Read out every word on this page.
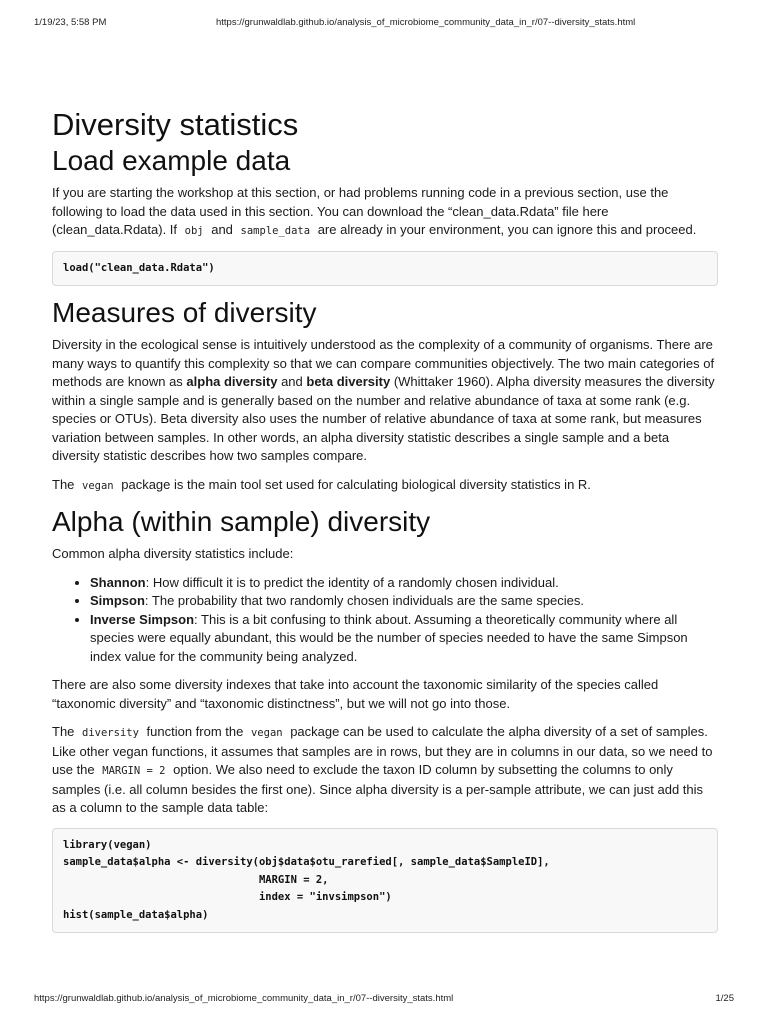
1/19/23, 5:58 PM	https://grunwaldlab.github.io/analysis_of_microbiome_community_data_in_r/07--diversity_stats.html
Diversity statistics
Load example data

If you are starting the workshop at this section, or had problems running code in a previous section, use the following to load the data used in this section. You can download the “clean_data.Rdata” file here (clean_data.Rdata). If obj and sample_data are already in your environment, you can ignore this and proceed.

load("clean_data.Rdata")
Measures of diversity

Diversity in the ecological sense is intuitively understood as the complexity of a community of organisms. There are many ways to quantify this complexity so that we can compare communities objectively. The two main categories of methods are known as alpha diversity and beta diversity (Whittaker 1960). Alpha diversity measures the diversity within a single sample and is generally based on the number and relative abundance of taxa at some rank (e.g. species or OTUs). Beta diversity also uses the number of relative abundance of taxa at some rank, but measures variation between samples. In other words, an alpha diversity statistic describes a single sample and a beta diversity statistic describes how two samples compare.

The vegan package is the main tool set used for calculating biological diversity statistics in R.

Alpha (within sample) diversity

Common alpha diversity statistics include:

• Shannon: How difficult it is to predict the identity of a randomly chosen individual.
• Simpson: The probability that two randomly chosen individuals are the same species.
• Inverse Simpson: This is a bit confusing to think about. Assuming a theoretically community where all species were equally abundant, this would be the number of species needed to have the same Simpson index value for the community being analyzed.

There are also some diversity indexes that take into account the taxonomic similarity of the species called “taxonomic diversity” and “taxonomic distinctness”, but we will not go into those.

The diversity function from the vegan package can be used to calculate the alpha diversity of a set of samples. Like other vegan functions, it assumes that samples are in rows, but they are in columns in our data, so we need to use the MARGIN = 2 option. We also need to exclude the taxon ID column by subsetting the columns to only samples (i.e. all column besides the first one). Since alpha diversity is a per-sample attribute, we can just add this as a column to the sample data table:

library(vegan)
sample_data$alpha <- diversity(obj$data$otu_rarefied[, sample_data$SampleID],
MARGIN = 2,
index = "invsimpson")
hist(sample_data$alpha)
https://grunwaldlab.github.io/analysis_of_microbiome_community_data_in_r/07--diversity_stats.html	1/25
